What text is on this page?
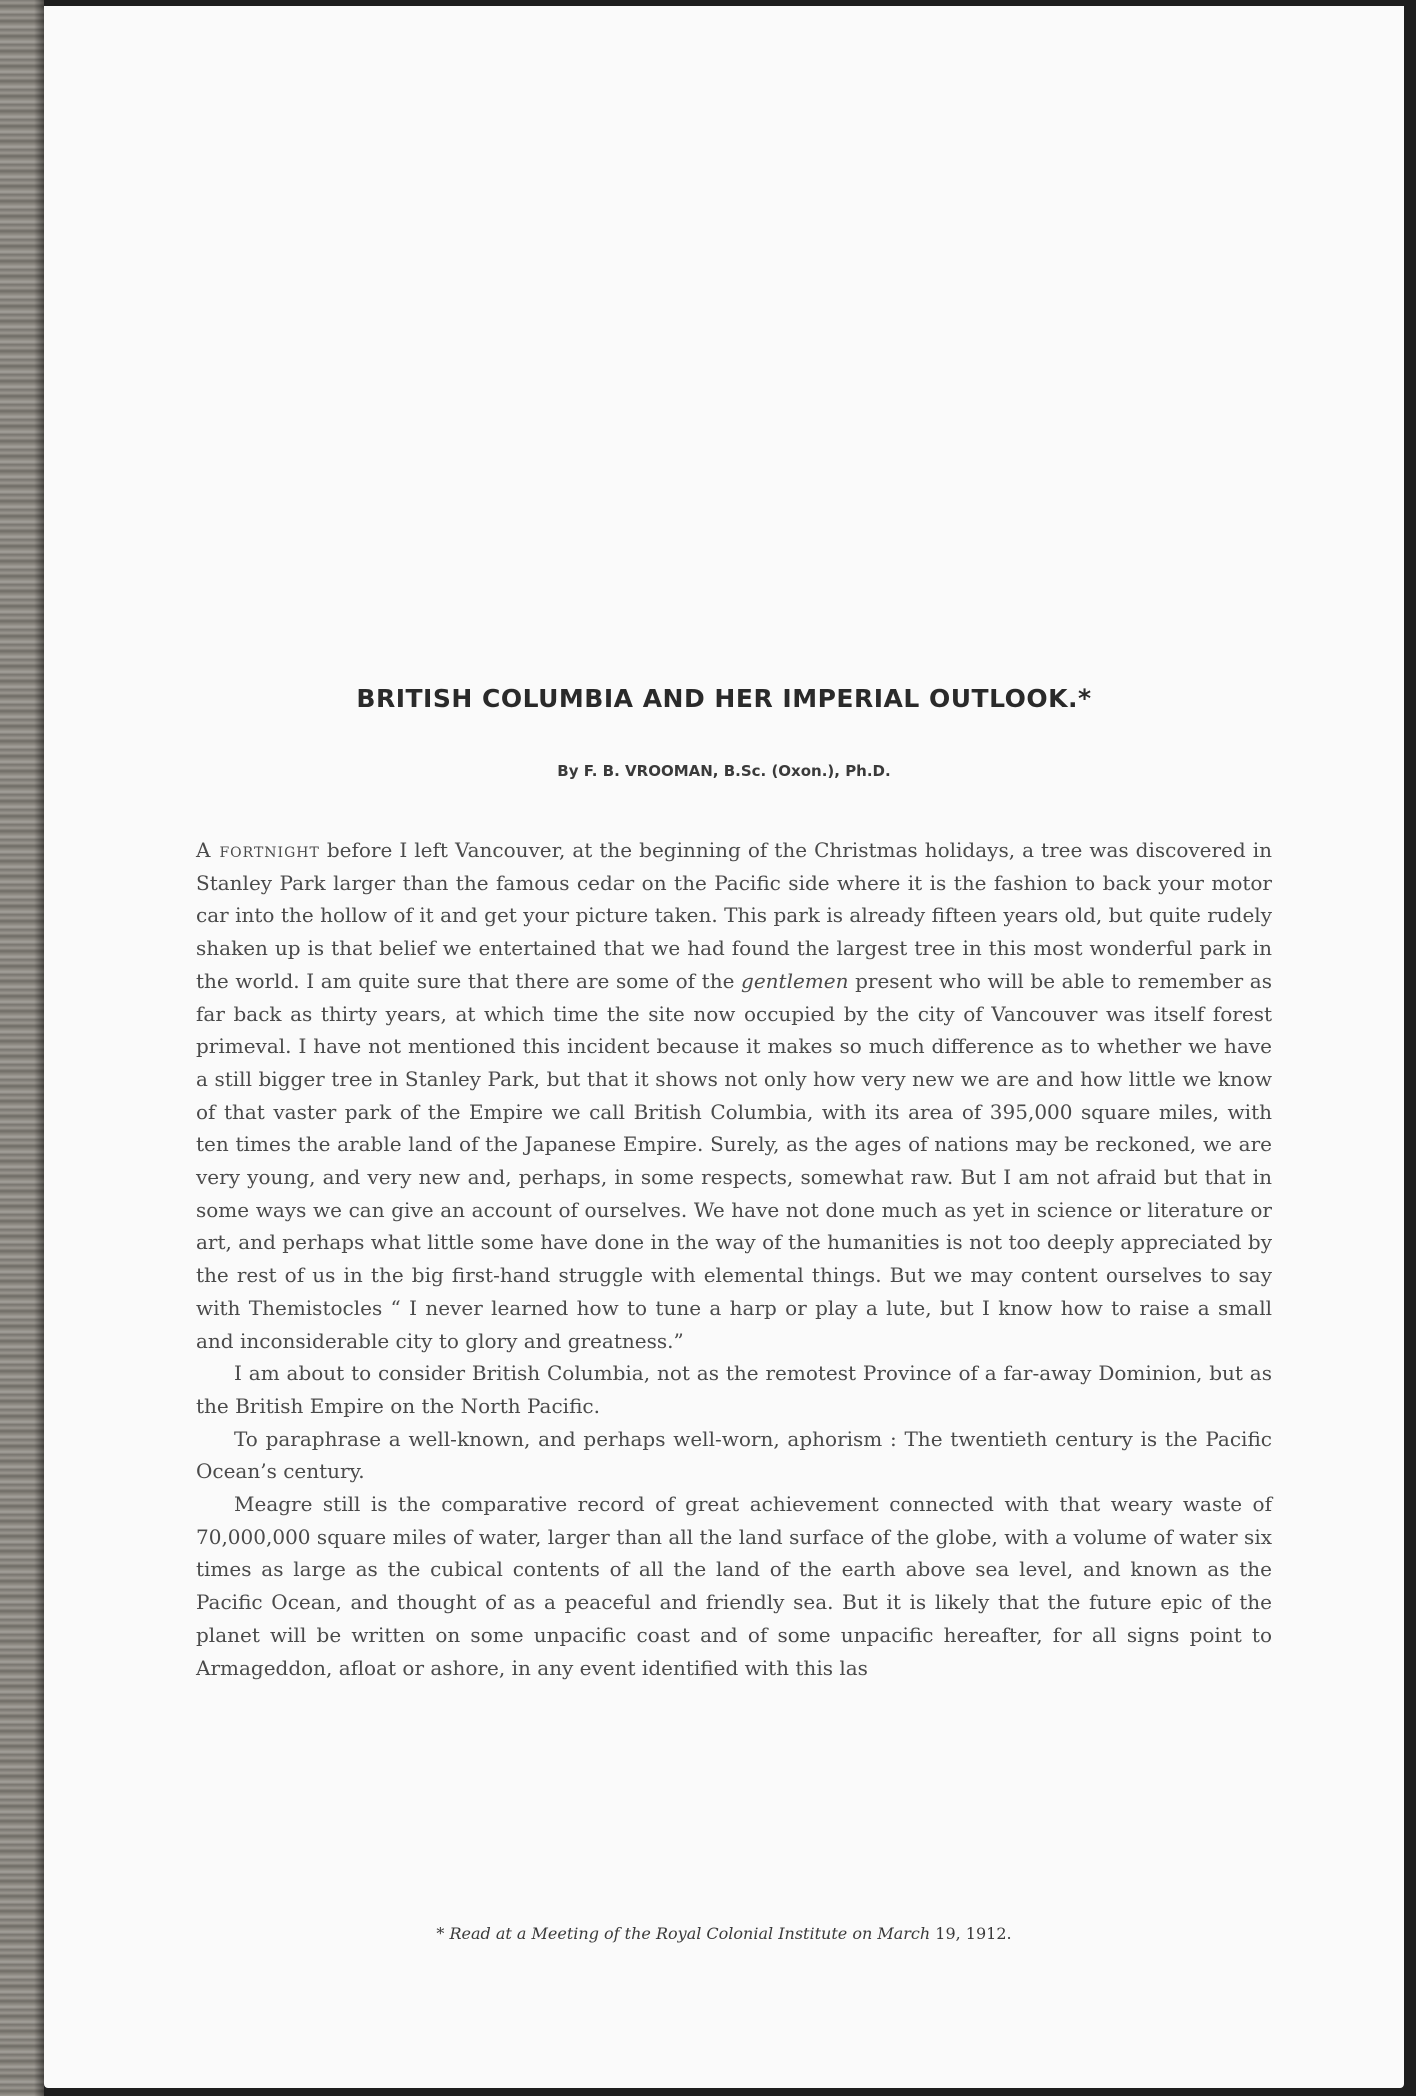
BRITISH COLUMBIA AND HER IMPERIAL OUTLOOK.*

By F. B. VROOMAN, B.Sc. (Oxon.), Ph.D.

A fortnight before I left Vancouver, at the beginning of the Christmas holidays, a tree was discovered in Stanley Park larger than the famous cedar on the Pacific side where it is the fashion to back your motor car into the hollow of it and get your picture taken. This park is already fifteen years old, but quite rudely shaken up is that belief we entertained that we had found the largest tree in this most wonderful park in the world. I am quite sure that there are some of the gentlemen present who will be able to remember as far back as thirty years, at which time the site now occupied by the city of Vancouver was itself forest primeval. I have not mentioned this incident because it makes so much difference as to whether we have a still bigger tree in Stanley Park, but that it shows not only how very new we are and how little we know of that vaster park of the Empire we call British Columbia, with its area of 395,000 square miles, with ten times the arable land of the Japanese Empire. Surely, as the ages of nations may be reckoned, we are very young, and very new and, perhaps, in some respects, somewhat raw. But I am not afraid but that in some ways we can give an account of ourselves. We have not done much as yet in science or literature or art, and perhaps what little some have done in the way of the humanities is not too deeply appreciated by the rest of us in the big first-hand struggle with elemental things. But we may content ourselves to say with Themistocles “ I never learned how to tune a harp or play a lute, but I know how to raise a small and inconsiderable city to glory and greatness.”

I am about to consider British Columbia, not as the remotest Province of a far-away Dominion, but as the British Empire on the North Pacific.

To paraphrase a well-known, and perhaps well-worn, aphorism : The twentieth century is the Pacific Ocean’s century.

Meagre still is the comparative record of great achievement connected with that weary waste of 70,000,000 square miles of water, larger than all the land surface of the globe, with a volume of water six times as large as the cubical contents of all the land of the earth above sea level, and known as the Pacific Ocean, and thought of as a peaceful and friendly sea. But it is likely that the future epic of the planet will be written on some unpacific coast and of some unpacific hereafter, for all signs point to Armageddon, afloat or ashore, in any event identified with this las

* Read at a Meeting of the Royal Colonial Institute on March 19, 1912.
